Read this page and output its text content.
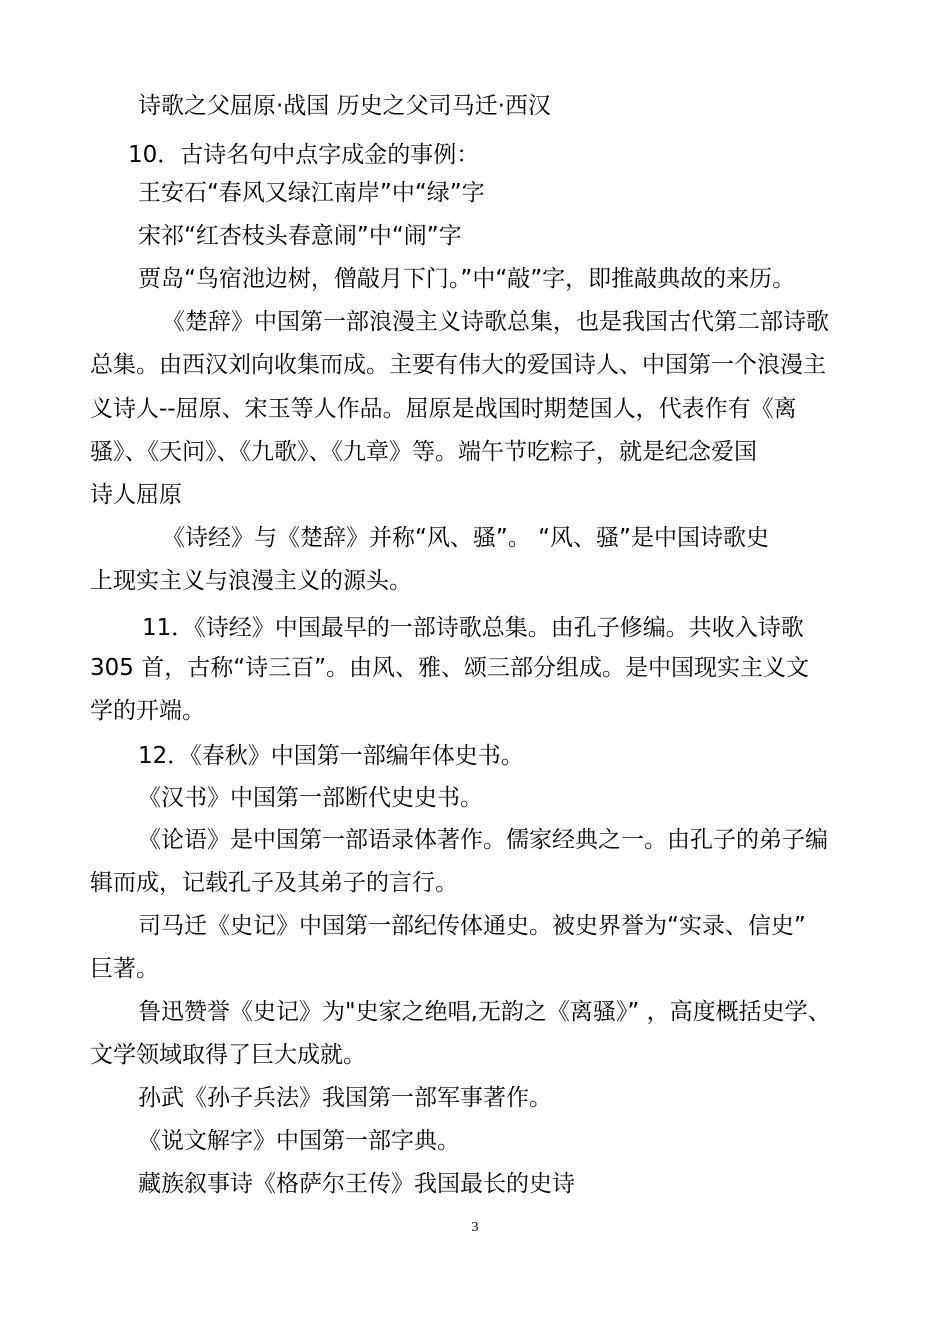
诗歌之父屈原·战国 历史之父司马迁·西汉
10．古诗名句中点字成金的事例：
王安石“春风又绿江南岸”中“绿”字
宋祁“红杏枝头春意闹”中“闹”字
贾岛“鸟宿池边树，僧敲月下门。”中“敲”字，即推敲典故的来历。
《楚辞》中国第一部浪漫主义诗歌总集，也是我国古代第二部诗歌
总集。由西汉刘向收集而成。主要有伟大的爱国诗人、中国第一个浪漫主
义诗人--屈原、宋玉等人作品。屈原是战国时期楚国人，代表作有《离
骚》、《天问》、《九歌》、《九章》等。端午节吃粽子，就是纪念爱国
诗人屈原
《诗经》与《楚辞》并称“风、骚”。 “风、骚”是中国诗歌史
上现实主义与浪漫主义的源头。
11．《诗经》中国最早的一部诗歌总集。由孔子修编。共收入诗歌
305 首，古称“诗三百”。由风、雅、颂三部分组成。是中国现实主义文
学的开端。
12．《春秋》中国第一部编年体史书。
《汉书》中国第一部断代史史书。
《论语》是中国第一部语录体著作。儒家经典之一。由孔子的弟子编
辑而成，记载孔子及其弟子的言行。
司马迁《史记》中国第一部纪传体通史。被史界誉为“实录、信史”
巨著。
鲁迅赞誉《史记》为"史家之绝唱,无韵之《离骚》” ，高度概括史学、
文学领域取得了巨大成就。
孙武《孙子兵法》我国第一部军事著作。
《说文解字》中国第一部字典。
藏族叙事诗《格萨尔王传》我国最长的史诗
3
